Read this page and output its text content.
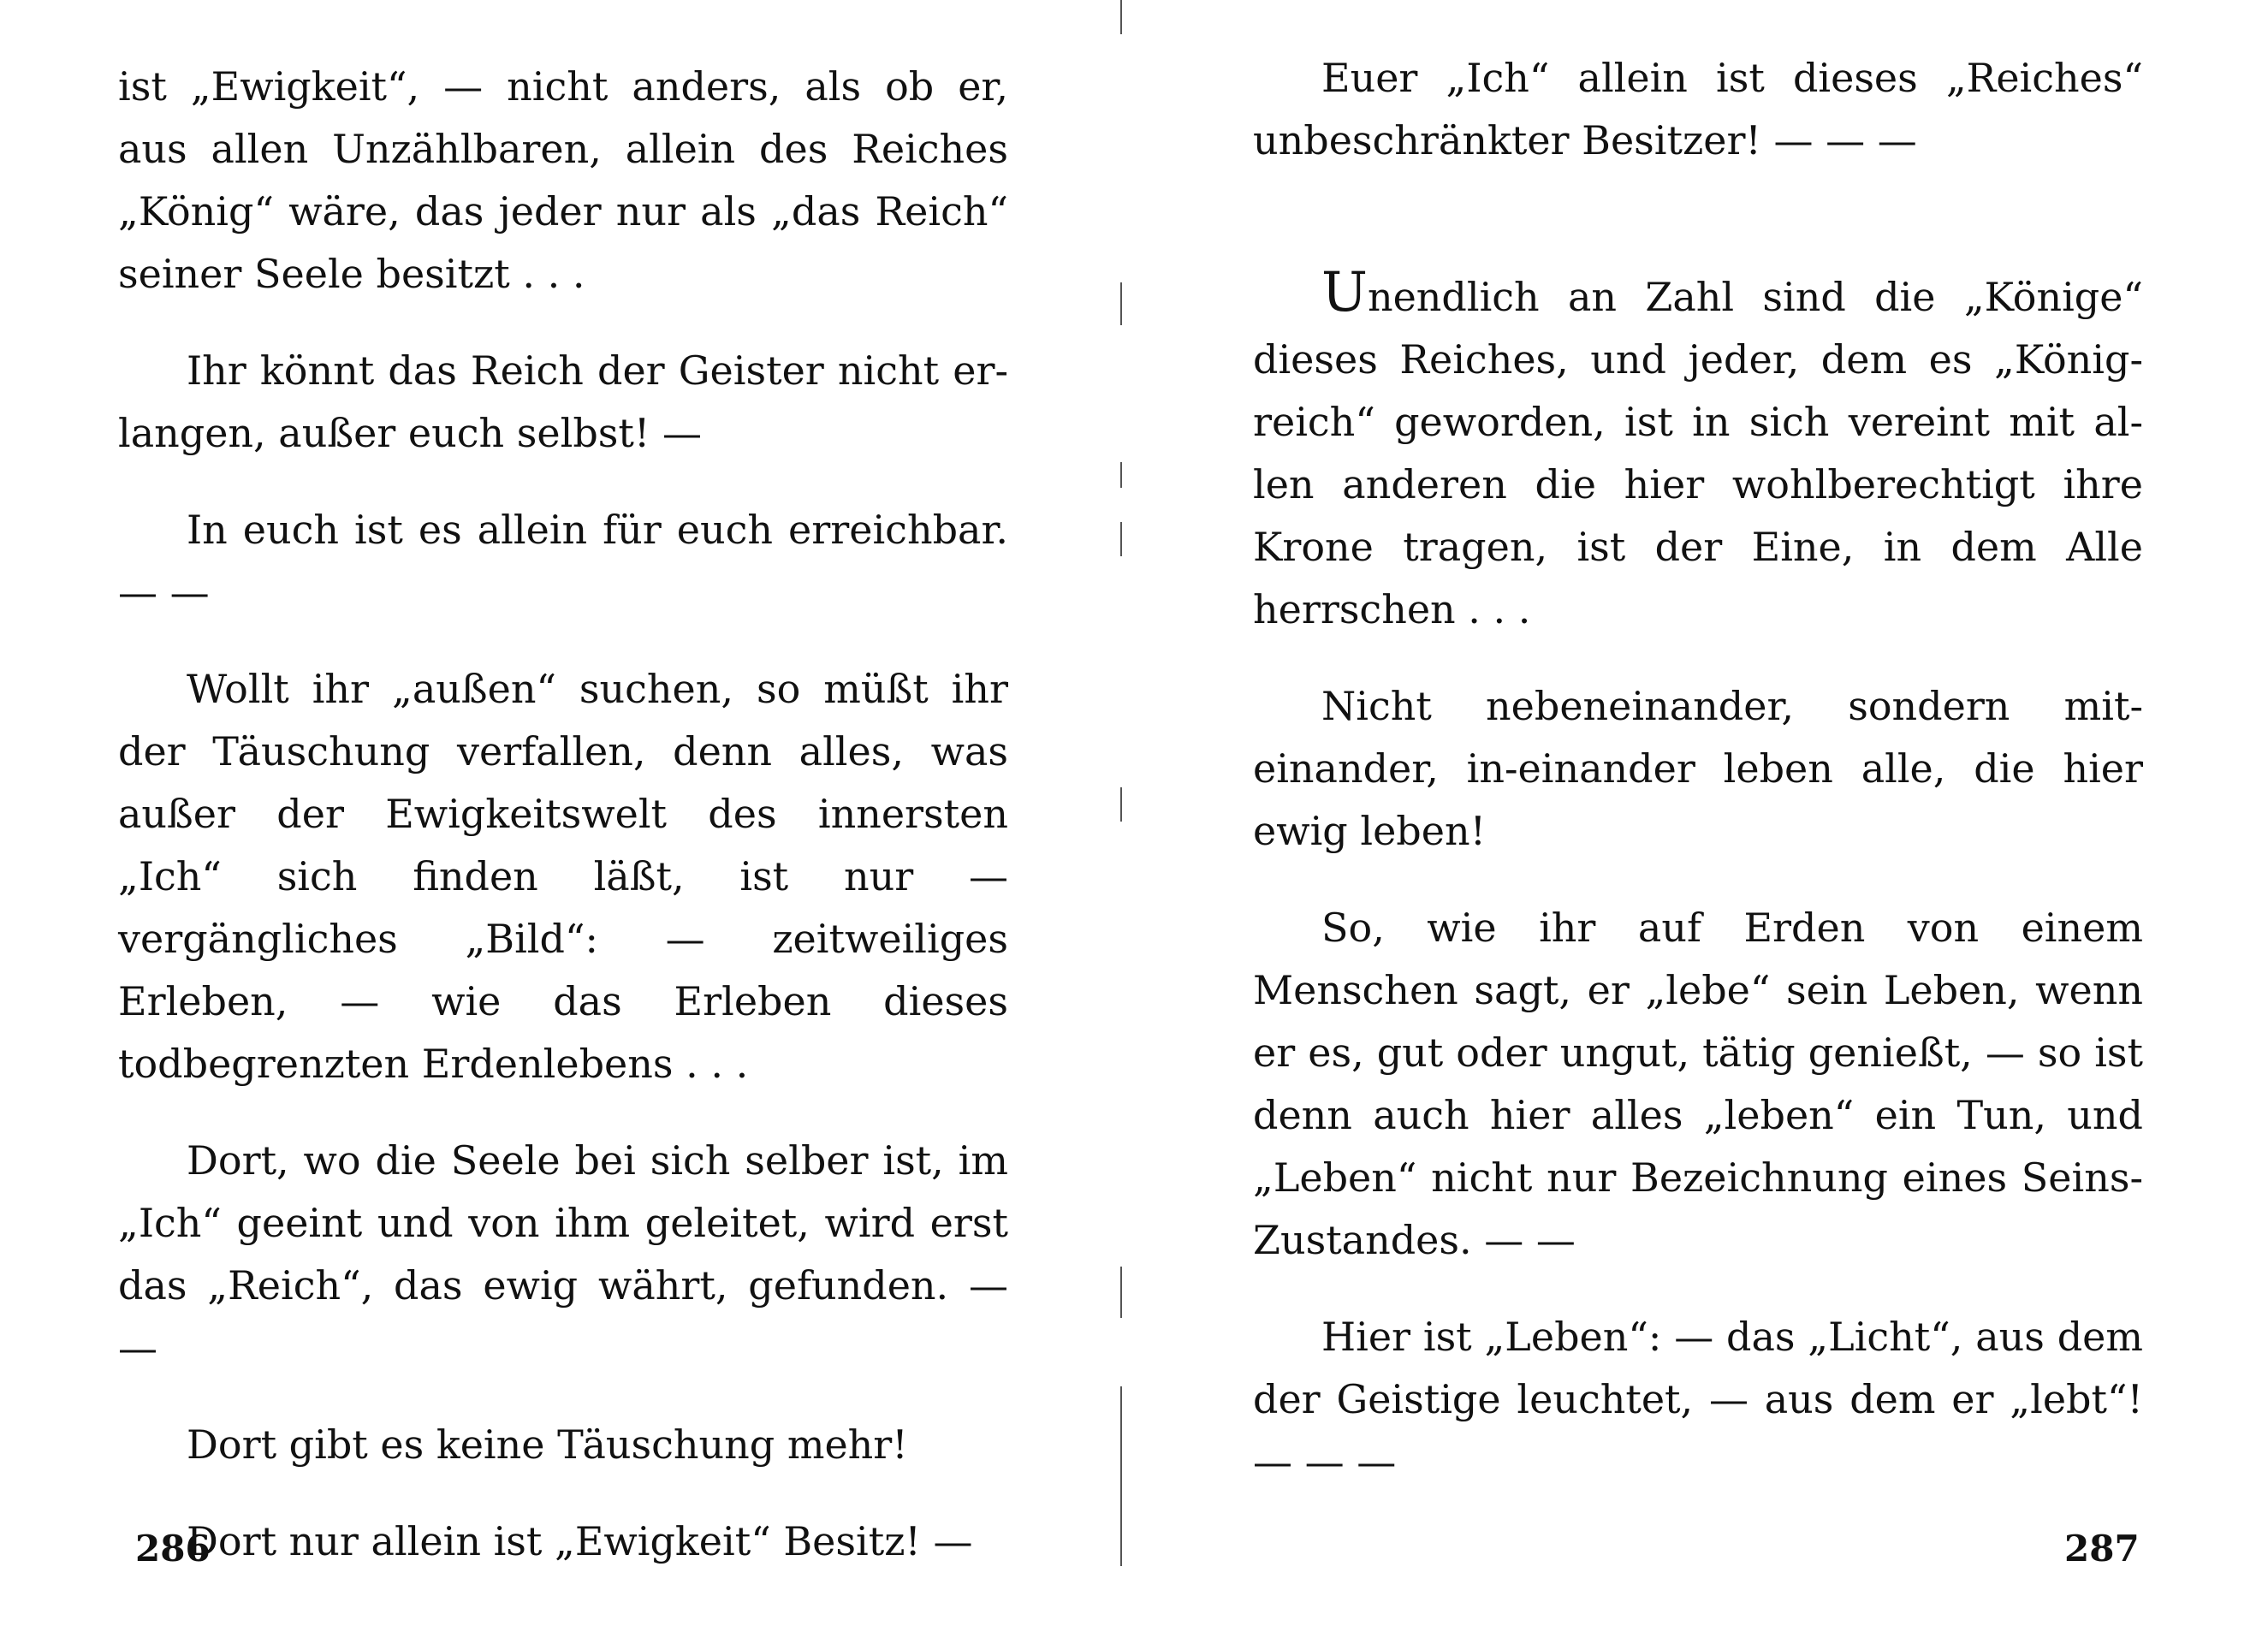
ist „Ewigkeit“, — nicht anders, als ob er, aus allen Unzählbaren, allein des Reiches „König“ wäre, das jeder nur als „das Reich“ seiner Seele besitzt . . .

Ihr könnt das Reich der Geister nicht er-langen, außer euch selbst! —

In euch ist es allein für euch erreichbar. — —

Wollt ihr „außen“ suchen, so müßt ihr der Täuschung verfallen, denn alles, was außer der Ewigkeitswelt des innersten „Ich“ sich finden läßt, ist nur — vergängliches „Bild“: — zeitweiliges Erleben, — wie das Erleben dieses todbegrenzten Erdenlebens . . .

Dort, wo die Seele bei sich selber ist, im „Ich“ geeint und von ihm geleitet, wird erst das „Reich“, das ewig währt, gefunden. — —

Dort gibt es keine Täuschung mehr!

Dort nur allein ist „Ewigkeit“ Besitz! —

286

Euer „Ich“ allein ist dieses „Reiches“ unbeschränkter Besitzer! — — —

Unendlich an Zahl sind die „Könige“ dieses Reiches, und jeder, dem es „Königreich“ geworden, ist in sich vereint mit allen anderen die hier wohlberechtigt ihre Krone tragen, ist der Eine, in dem Alle herrschen . . .

Nicht nebeneinander, sondern miteinander, in-einander leben alle, die hier ewig leben!

So, wie ihr auf Erden von einem Menschen sagt, er „lebe“ sein Leben, wenn er es, gut oder ungut, tätig genießt, — so ist denn auch hier alles „leben“ ein Tun, und „Leben“ nicht nur Bezeichnung eines Seins-Zustandes. — —

Hier ist „Leben“: — das „Licht“, aus dem der Geistige leuchtet, — aus dem er „lebt“! — — —

287
